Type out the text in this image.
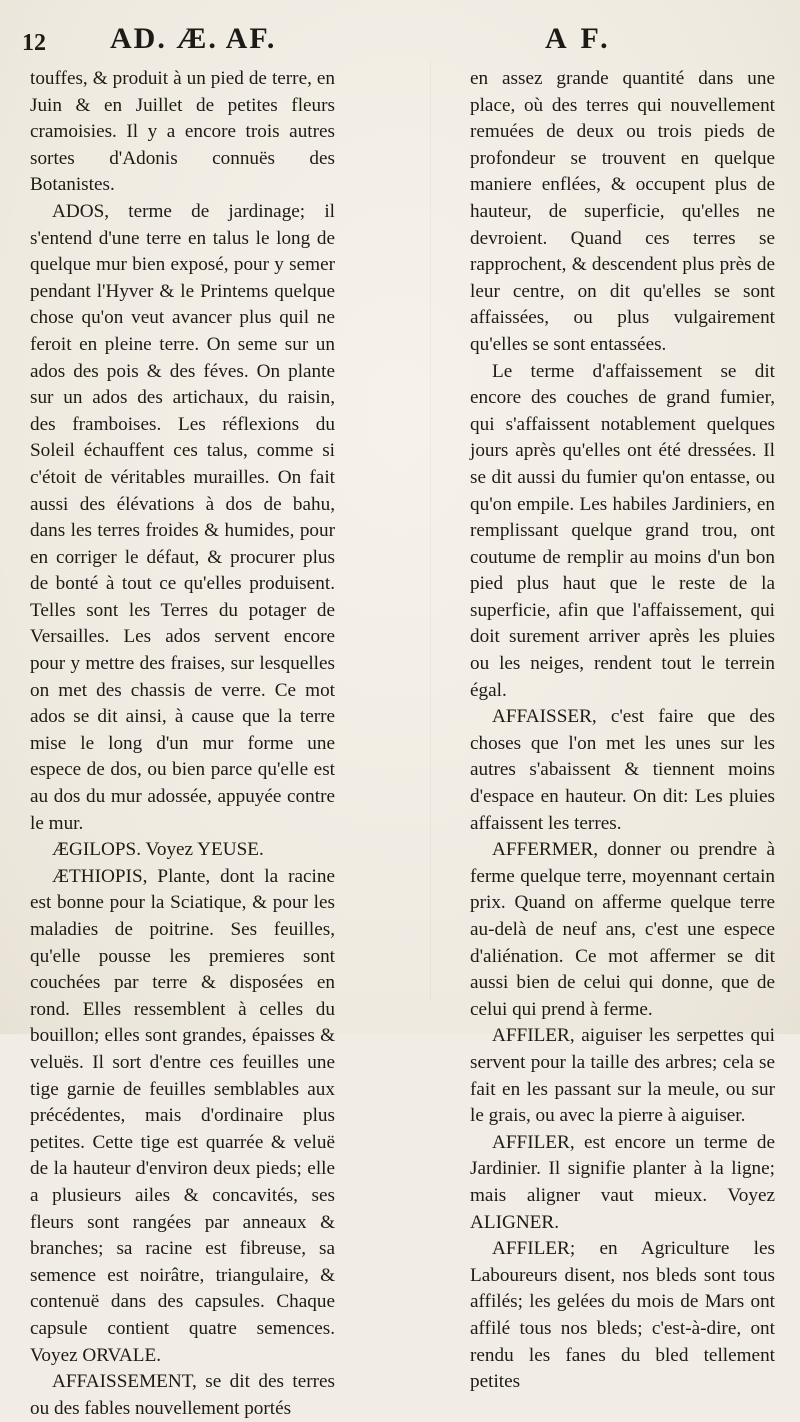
12 AD. Æ. AF.	A F.

touffes, & produit à un pied de terre, en Juin & en Juillet de petites fleurs cramoisies. Il y a encore trois autres sortes d'Adonis connuës des Botanistes.

ADOS, terme de jardinage; il s'entend d'une terre en talus le long de quelque mur bien exposé, pour y semer pendant l'Hyver & le Printems quelque chose qu'on veut avancer plus quil ne feroit en pleine terre. On seme sur un ados des pois & des féves. On plante sur un ados des artichaux, du raisin, des framboises. Les réflexions du Soleil échauffent ces talus, comme si c'étoit de véritables murailles. On fait aussi des élévations à dos de bahu, dans les terres froides & humides, pour en corriger le défaut, & procurer plus de bonté à tout ce qu'elles produisent. Telles sont les Terres du potager de Versailles. Les ados servent encore pour y mettre des fraises, sur lesquelles on met des chassis de verre. Ce mot ados se dit ainsi, à cause que la terre mise le long d'un mur forme une espece de dos, ou bien parce qu'elle est au dos du mur adossée, appuyée contre le mur.

ÆGILOPS. Voyez YEUSE.

ÆTHIOPIS, Plante, dont la racine est bonne pour la Sciatique, & pour les maladies de poitrine. Ses feuilles, qu'elle pousse les premieres sont couchées par terre & disposées en rond. Elles ressemblent à celles du bouillon; elles sont grandes, épaisses & veluës. Il sort d'entre ces feuilles une tige garnie de feuilles semblables aux précédentes, mais d'ordinaire plus petites. Cette tige est quarrée & veluë de la hauteur d'environ deux pieds; elle a plusieurs ailes & concavités, ses fleurs sont rangées par anneaux & branches; sa racine est fibreuse, sa semence est noirâtre, triangulaire, & contenuë dans des capsules. Chaque capsule contient quatre semences. Voyez ORVALE.

AFFAISSEMENT, se dit des terres ou des fables nouvellement portés

en assez grande quantité dans une place, où des terres qui nouvellement remuées de deux ou trois pieds de profondeur se trouvent en quelque maniere enflées, & occupent plus de hauteur, de superficie, qu'elles ne devroient. Quand ces terres se rapprochent, & descendent plus près de leur centre, on dit qu'elles se sont affaissées, ou plus vulgairement qu'elles se sont entassées.

Le terme d'affaissement se dit encore des couches de grand fumier, qui s'affaissent notablement quelques jours après qu'elles ont été dressées. Il se dit aussi du fumier qu'on entasse, ou qu'on empile. Les habiles Jardiniers, en remplissant quelque grand trou, ont coutume de remplir au moins d'un bon pied plus haut que le reste de la superficie, afin que l'affaissement, qui doit surement arriver après les pluies ou les neiges, rendent tout le terrein égal.

AFFAISSER, c'est faire que des choses que l'on met les unes sur les autres s'abaissent & tiennent moins d'espace en hauteur. On dit: Les pluies affaissent les terres.

AFFERMER, donner ou prendre à ferme quelque terre, moyennant certain prix. Quand on afferme quelque terre au-delà de neuf ans, c'est une espece d'aliénation. Ce mot affermer se dit aussi bien de celui qui donne, que de celui qui prend à ferme.

AFFILER, aiguiser les serpettes qui servent pour la taille des arbres; cela se fait en les passant sur la meule, ou sur le grais, ou avec la pierre à aiguiser.

AFFILER, est encore un terme de Jardinier. Il signifie planter à la ligne; mais aligner vaut mieux. Voyez ALIGNER.

AFFILER; en Agriculture les Laboureurs disent, nos bleds sont tous affilés; les gelées du mois de Mars ont affilé tous nos bleds; c'est-à-dire, ont rendu les fanes du bled tellement petites
